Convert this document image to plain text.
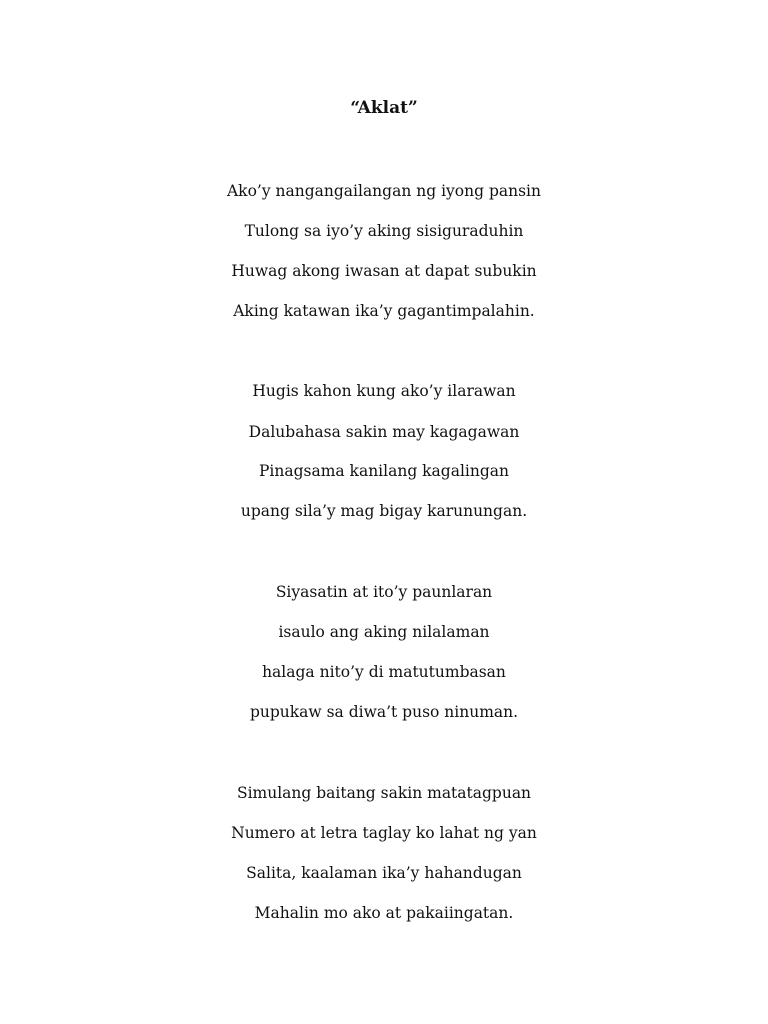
“Aklat”
Ako’y nangangailangan ng iyong pansin
Tulong sa iyo’y aking sisiguraduhin
Huwag akong iwasan at dapat subukin
Aking katawan ika’y gagantimpalahin.
Hugis kahon kung ako’y ilarawan
Dalubahasa sakin may kagagawan
Pinagsama kanilang kagalingan
upang sila’y mag bigay karunungan.
Siyasatin at ito’y paunlaran
isaulo ang aking nilalaman
halaga nito’y di matutumbasan
pupukaw sa diwa’t puso ninuman.
Simulang baitang sakin matatagpuan
Numero at letra taglay ko lahat ng yan
Salita, kaalaman ika’y hahandugan
Mahalin mo ako at pakaiingatan.
